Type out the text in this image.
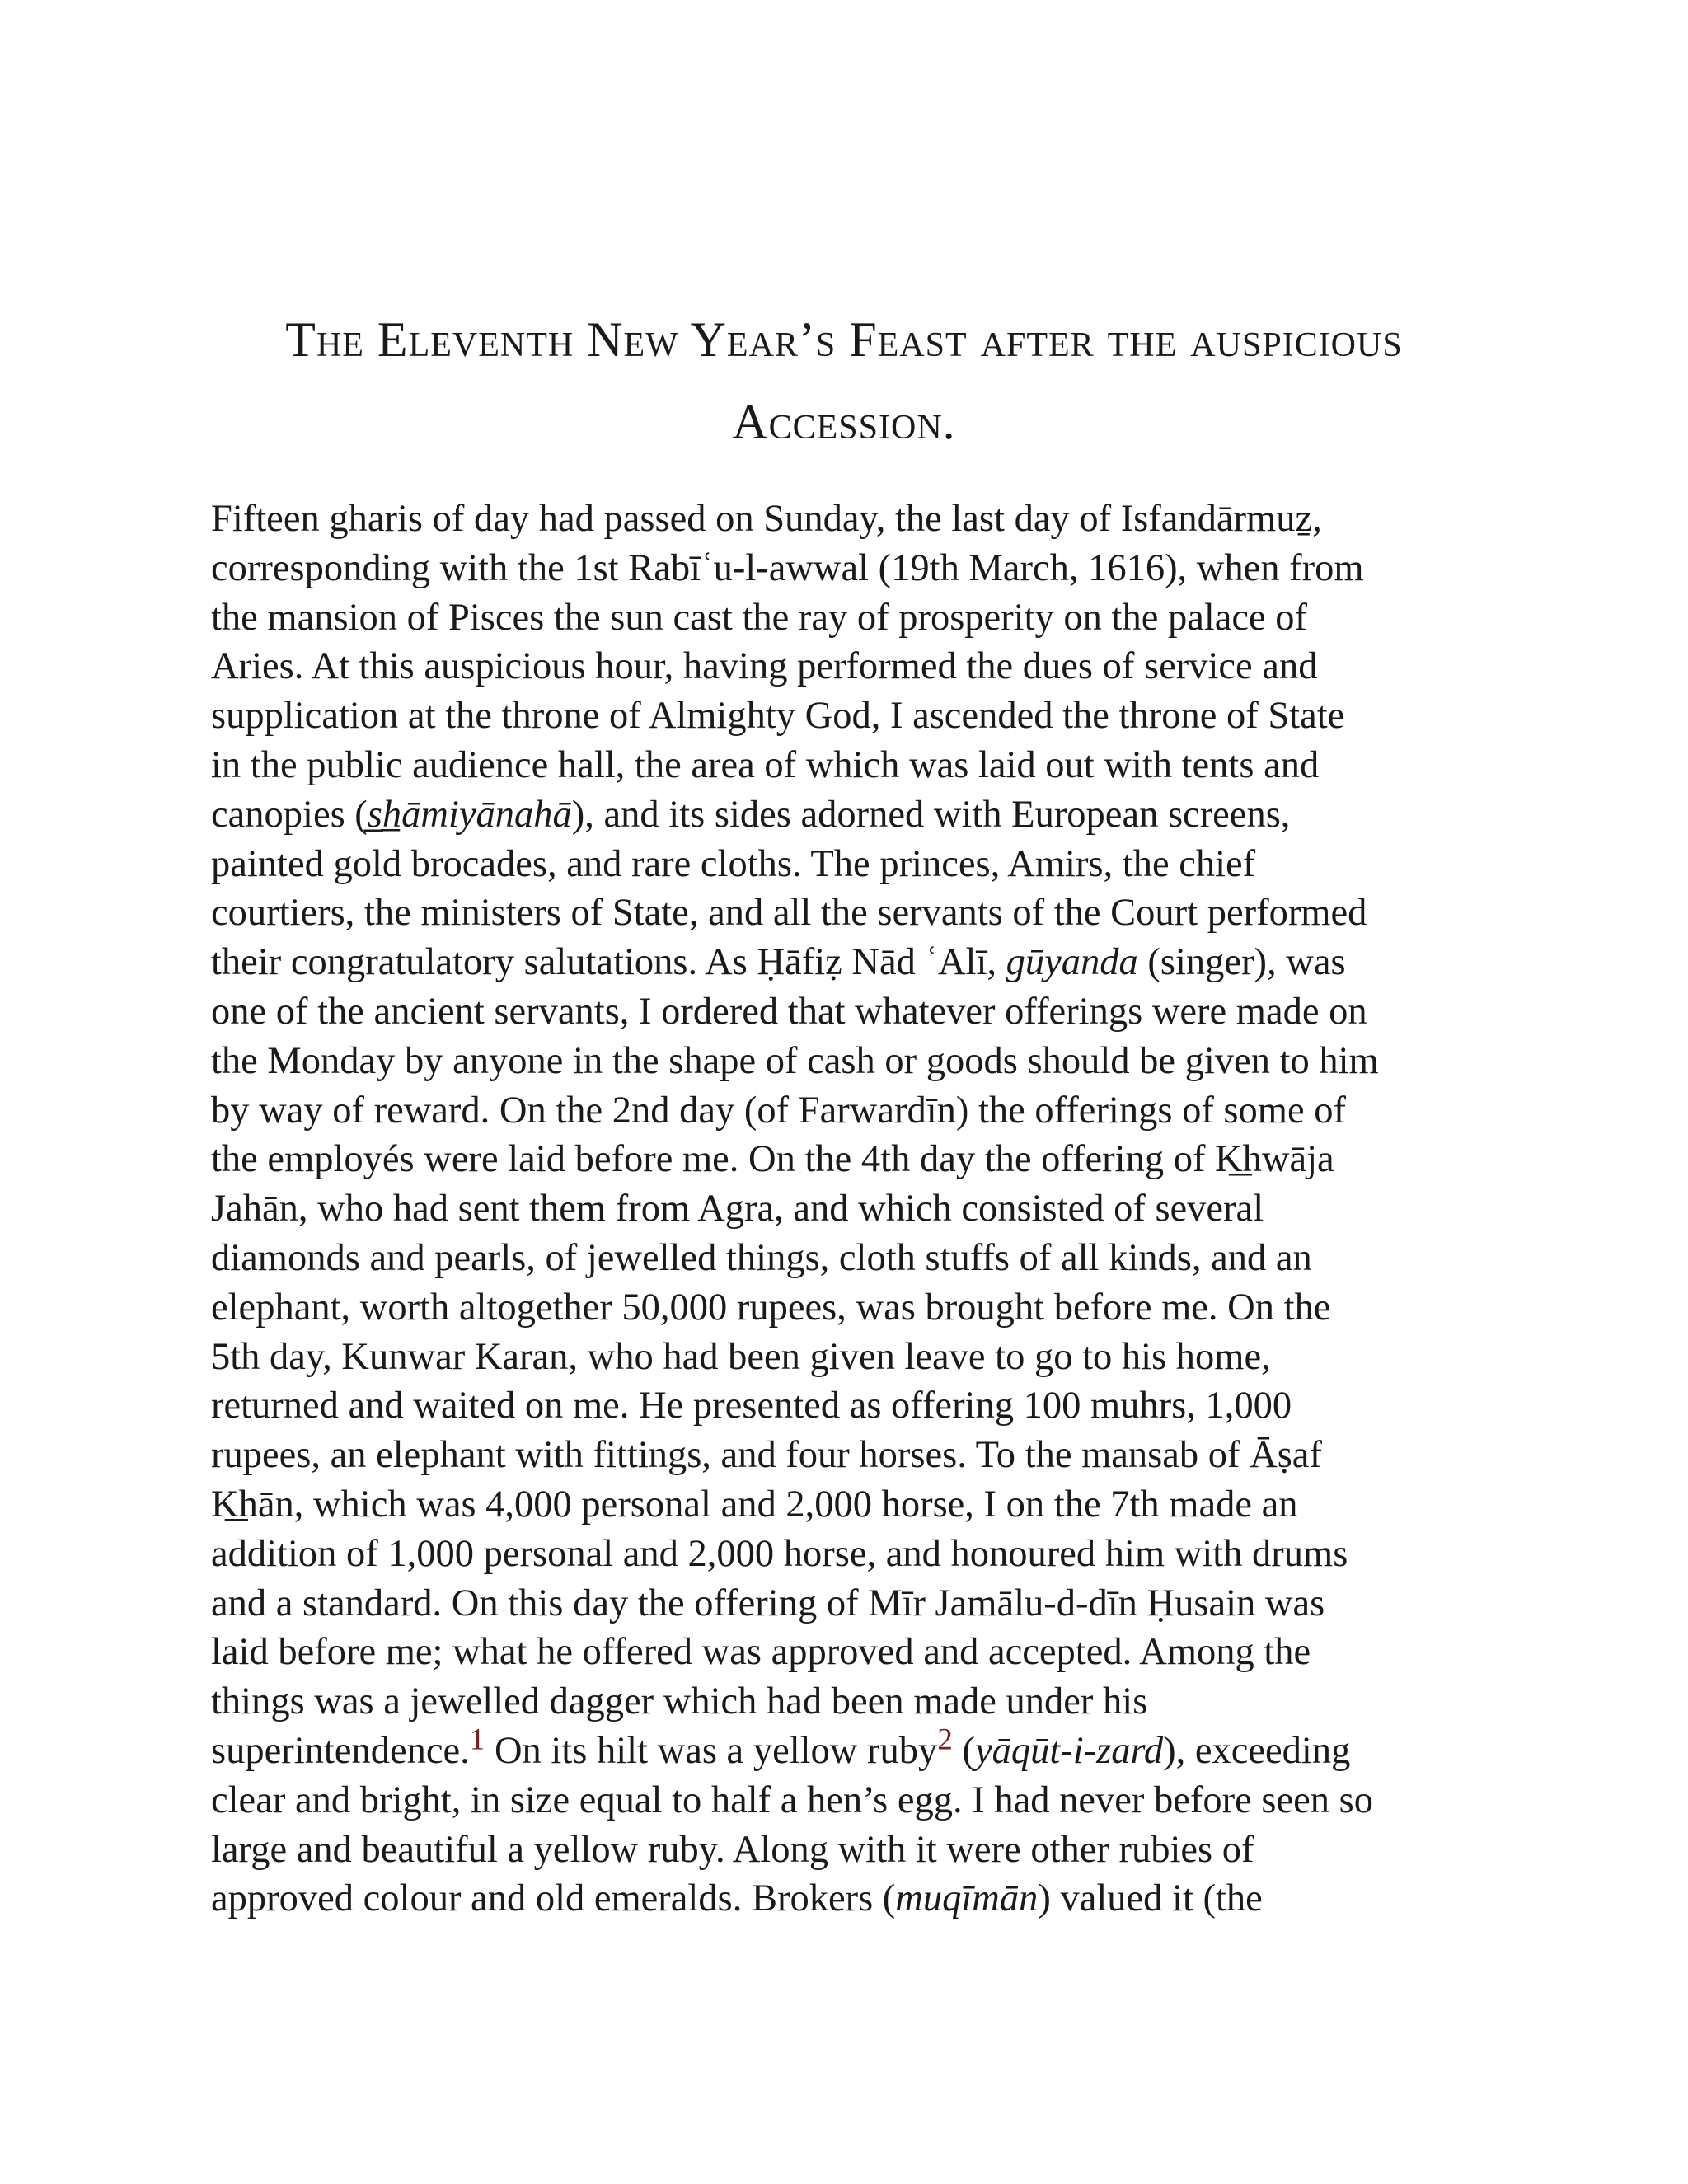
The Eleventh New Year’s Feast after the auspicious
Accession.
Fifteen gharis of day had passed on Sunday, the last day of Isfandārmuẕ,
corresponding with the 1st Rabīʿu-l-awwal (19th March, 1616), when from
the mansion of Pisces the sun cast the ray of prosperity on the palace of
Aries. At this auspicious hour, having performed the dues of service and
supplication at the throne of Almighty God, I ascended the throne of State
in the public audience hall, the area of which was laid out with tents and
canopies (s̲h̲āmiyānahā), and its sides adorned with European screens,
painted gold brocades, and rare cloths. The princes, Amirs, the chief
courtiers, the ministers of State, and all the servants of the Court performed
their congratulatory salutations. As Ḥāfiẓ Nād ʿAlī, gūyanda (singer), was
one of the ancient servants, I ordered that whatever offerings were made on
the Monday by anyone in the shape of cash or goods should be given to him
by way of reward. On the 2nd day (of Farwardīn) the offerings of some of
the employés were laid before me. On the 4th day the offering of K͟hwāja
Jahān, who had sent them from Agra, and which consisted of several
diamonds and pearls, of jewelled things, cloth stuffs of all kinds, and an
elephant, worth altogether 50,000 rupees, was brought before me. On the
5th day, Kunwar Karan, who had been given leave to go to his home,
returned and waited on me. He presented as offering 100 muhrs, 1,000
rupees, an elephant with fittings, and four horses. To the mansab of Āṣaf
K͟hān, which was 4,000 personal and 2,000 horse, I on the 7th made an
addition of 1,000 personal and 2,000 horse, and honoured him with drums
and a standard. On this day the offering of Mīr Jamālu-d-dīn Ḥusain was
laid before me; what he offered was approved and accepted. Among the
things was a jewelled dagger which had been made under his
superintendence.$^1$ On its hilt was a yellow ruby$^2$ (yāqūt-i-zard), exceeding
clear and bright, in size equal to half a hen’s egg. I had never before seen so
large and beautiful a yellow ruby. Along with it were other rubies of
approved colour and old emeralds. Brokers (muqīmān) valued it (the
